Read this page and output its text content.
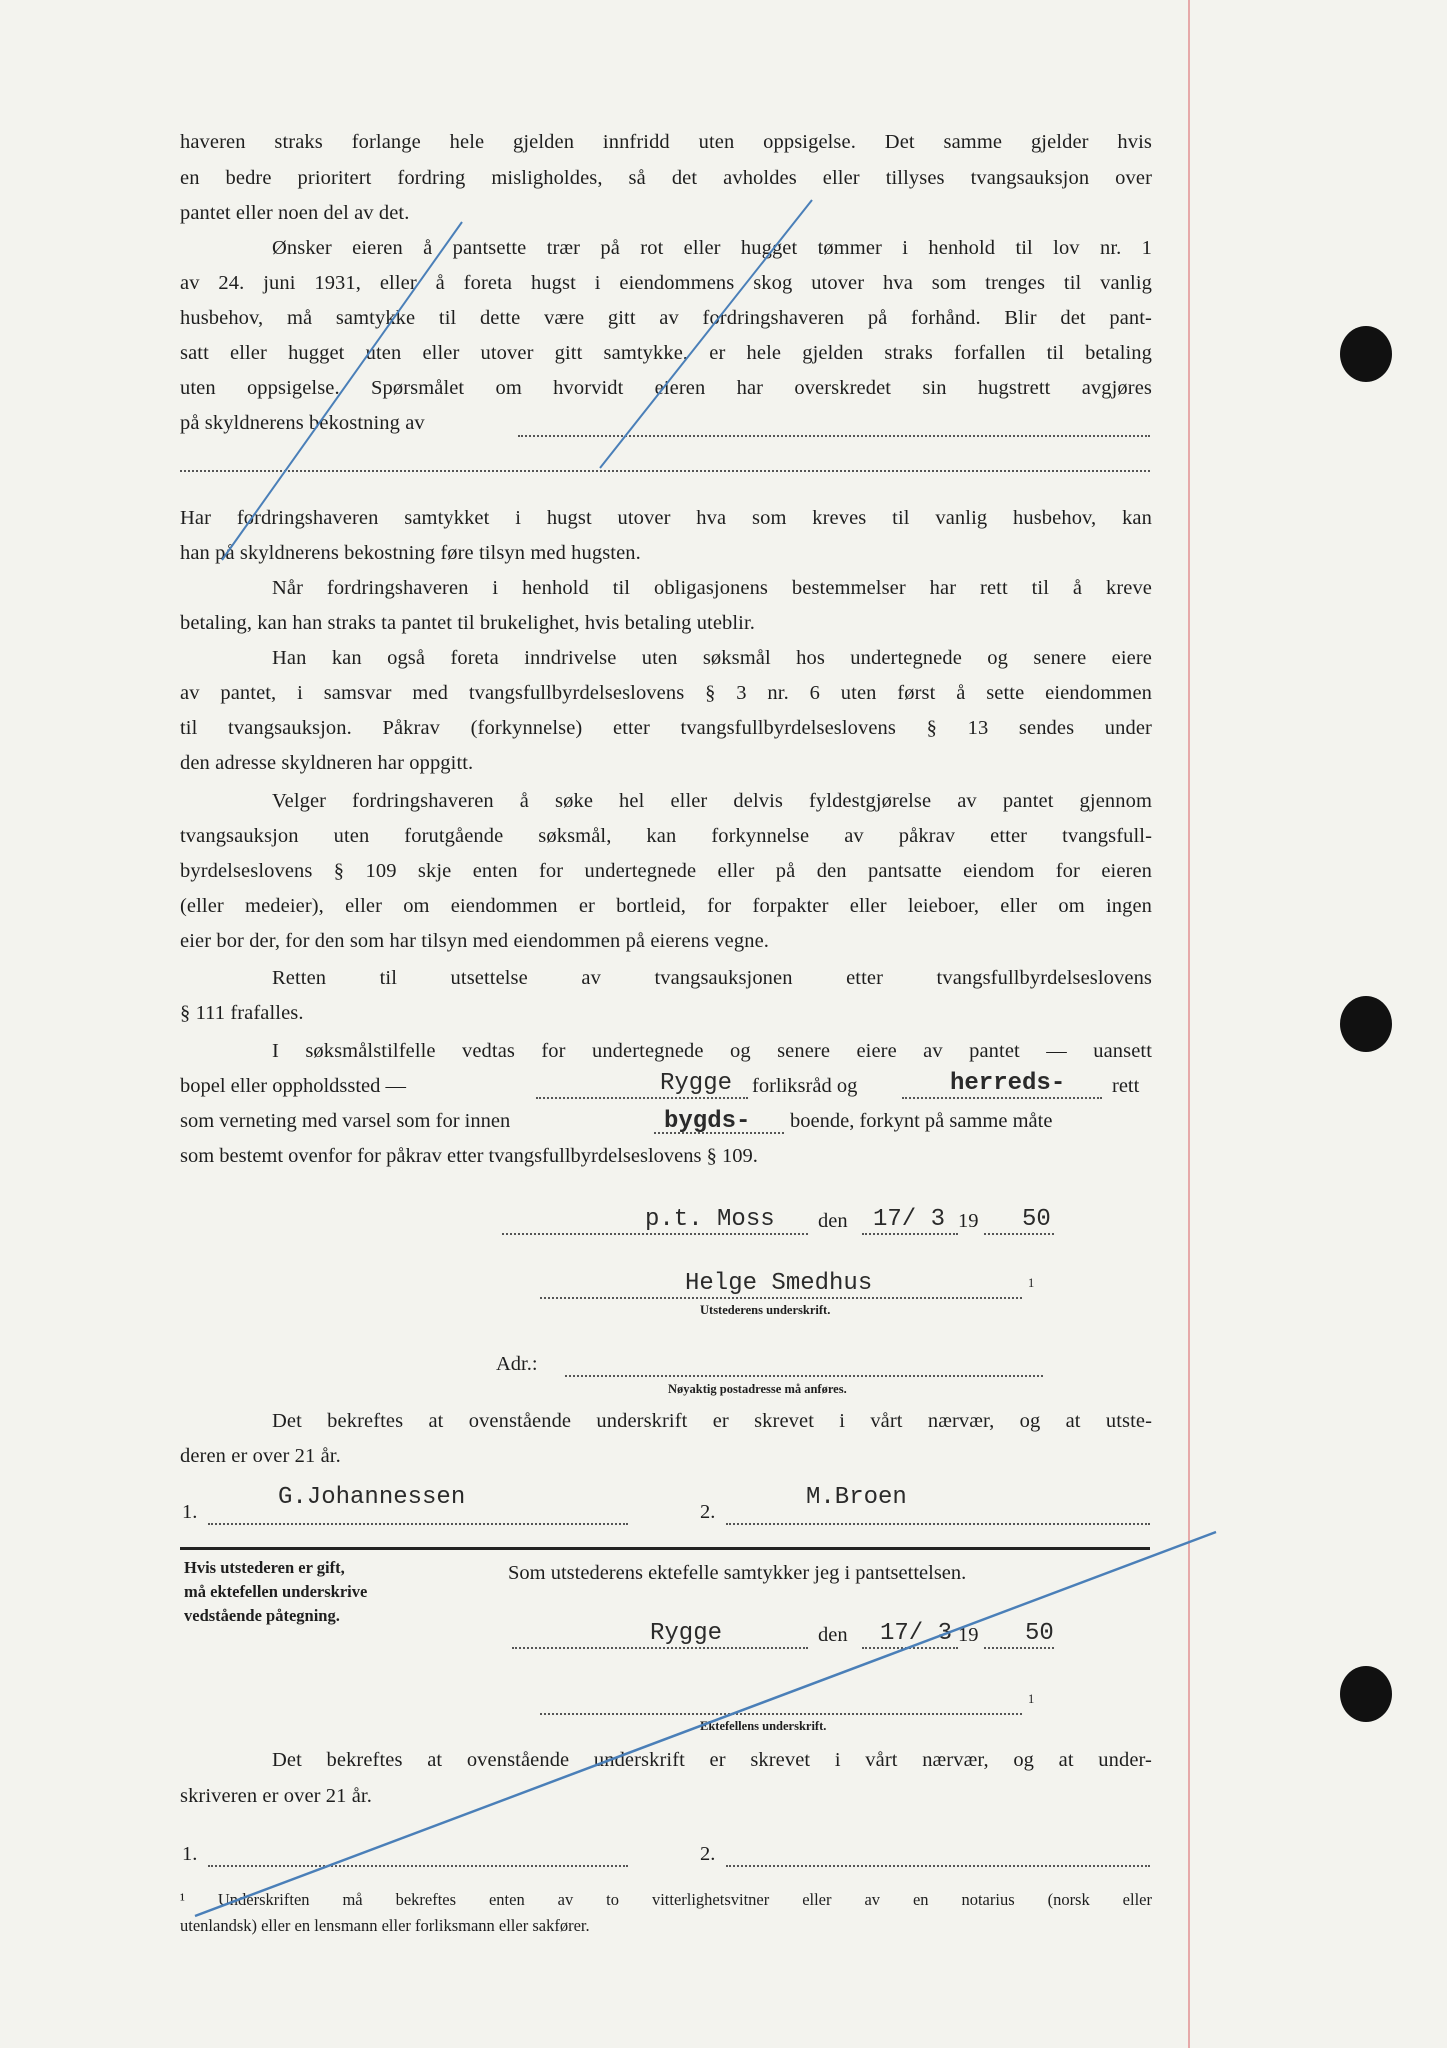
haveren straks forlange hele gjelden innfridd uten oppsigelse. Det samme gjelder hvis
en bedre prioritert fordring misligholdes, så det avholdes eller tillyses tvangsauksjon over
pantet eller noen del av det.
Ønsker eieren å pantsette trær på rot eller hugget tømmer i henhold til lov nr. 1
av 24. juni 1931, eller å foreta hugst i eiendommens skog utover hva som trenges til vanlig
husbehov, må samtykke til dette være gitt av fordringshaveren på forhånd. Blir det pant-
satt eller hugget uten eller utover gitt samtykke, er hele gjelden straks forfallen til betaling
uten oppsigelse. Spørsmålet om hvorvidt eieren har overskredet sin hugstrett avgjøres
på skyldnerens bekostning av
Har fordringshaveren samtykket i hugst utover hva som kreves til vanlig husbehov, kan
han på skyldnerens bekostning føre tilsyn med hugsten.
Når fordringshaveren i henhold til obligasjonens bestemmelser har rett til å kreve
betaling, kan han straks ta pantet til brukelighet, hvis betaling uteblir.
Han kan også foreta inndrivelse uten søksmål hos undertegnede og senere eiere
av pantet, i samsvar med tvangsfullbyrdelseslovens § 3 nr. 6 uten først å sette eiendommen
til tvangsauksjon. Påkrav (forkynnelse) etter tvangsfullbyrdelseslovens § 13 sendes under
den adresse skyldneren har oppgitt.
Velger fordringshaveren å søke hel eller delvis fyldestgjørelse av pantet gjennom
tvangsauksjon uten forutgående søksmål, kan forkynnelse av påkrav etter tvangsfull-
byrdelseslovens § 109 skje enten for undertegnede eller på den pantsatte eiendom for eieren
(eller medeier), eller om eiendommen er bortleid, for forpakter eller leieboer, eller om ingen
eier bor der, for den som har tilsyn med eiendommen på eierens vegne.
Retten til utsettelse av tvangsauksjonen etter tvangsfullbyrdelseslovens
§ 111 frafalles.
I søksmålstilfelle vedtas for undertegnede og senere eiere av pantet — uansett
bopel eller oppholdssted —	Rygge forliksråd og	herreds- rett
som verneting med varsel som for innen	bygds- boende, forkynt på samme måte
som bestemt ovenfor for påkrav etter tvangsfullbyrdelseslovens § 109.
p.t. Moss den 17/ 3 19 50
Helge Smedhus	1
Utstederens underskrift.
Adr.:
Nøyaktig postadresse må anføres.
Det bekreftes at ovenstående underskrift er skrevet i vårt nærvær, og at utste-
deren er over 21 år.
1.
G.Johannessen
2.
M.Broen
Hvis utstederen er gift,
må ektefellen underskrive
vedstående påtegning.
Som utstederens ektefelle samtykker jeg i pantsettelsen.
Rygge	den 17/ 3 19 50
1
Ektefellens underskrift.
Det bekreftes at ovenstående underskrift er skrevet i vårt nærvær, og at under-
skriveren er over 21 år.
1.	2.
¹ Underskriften må bekreftes enten av to vitterlighetsvitner eller av en notarius (norsk eller
utenlandsk) eller en lensmann eller forliksmann eller sakfører.
